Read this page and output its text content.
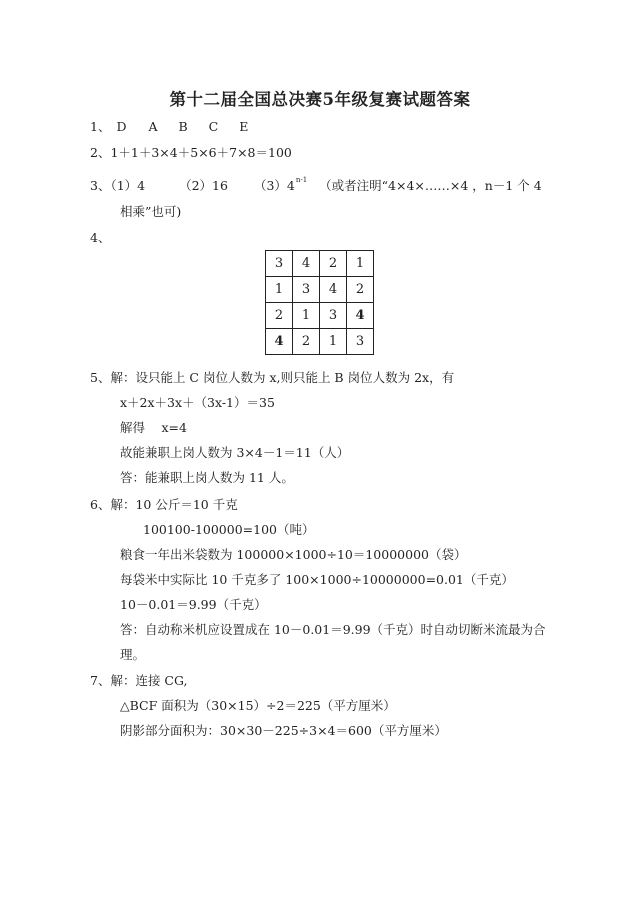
第十二届全国总决赛5年级复赛试题答案
1、 D A B C E
2、1＋1＋3×4＋5×6＋7×8＝100
3、（1）4	（2）16 （3）4$^{n-1}$ （或者注明“4×4×……×4 ，n－1 个 4
相乘”也可)
4、
3	4	2	1
1	3	4	2
2	1	3	4
4	2	1	3
5、解：设只能上 C 岗位人数为 x,则只能上 B 岗位人数为 2x，有
x＋2x＋3x＋（3x-1）＝35
解得　 x=4
故能兼职上岗人数为 3×4－1＝11（人）
答：能兼职上岗人数为 11 人。
6、解：10 公斤＝10 千克
100100-100000=100（吨）
粮食一年出米袋数为 100000×1000÷10＝10000000（袋）
每袋米中实际比 10 千克多了 100×1000÷10000000=0.01（千克）
10－0.01＝9.99（千克）
答：自动称米机应设置成在 10－0.01＝9.99（千克）时自动切断米流最为合
理。
7、解：连接 CG,
△BCF 面积为（30×15）÷2＝225（平方厘米）
阴影部分面积为：30×30－225÷3×4＝600（平方厘米）
